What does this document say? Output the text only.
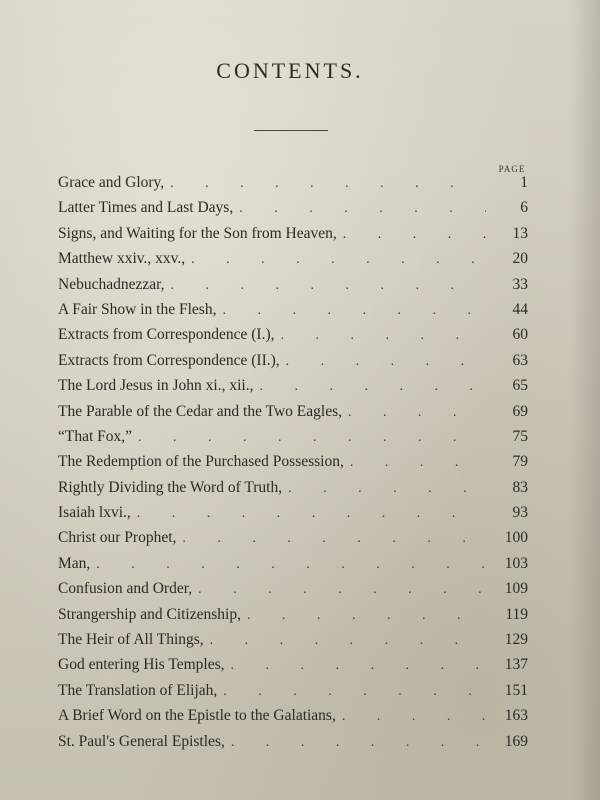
CONTENTS.
PAGE
Grace and Glory, . . .	1
Latter Times and Last Days, . . .	6
Signs, and Waiting for the Son from Heaven, . . .	13
Matthew xxiv., xxv., . . .	20
Nebuchadnezzar, . . .	33
A Fair Show in the Flesh, . . .	44
Extracts from Correspondence (I.), . . .	60
Extracts from Correspondence (II.), . . .	63
The Lord Jesus in John xi., xii., . . .	65
The Parable of the Cedar and the Two Eagles, . . .	69
“That Fox,” . . .	75
The Redemption of the Purchased Possession, . . .	79
Rightly Dividing the Word of Truth, . . .	83
Isaiah lxvi., . . .	93
Christ our Prophet, . . .	100
Man, . . .	103
Confusion and Order, . . .	109
Strangership and Citizenship, . . .	119
The Heir of All Things, . . .	129
God entering His Temples, . . .	137
The Translation of Elijah, . . .	151
A Brief Word on the Epistle to the Galatians, . . .	163
St. Paul's General Epistles, . . .	169
